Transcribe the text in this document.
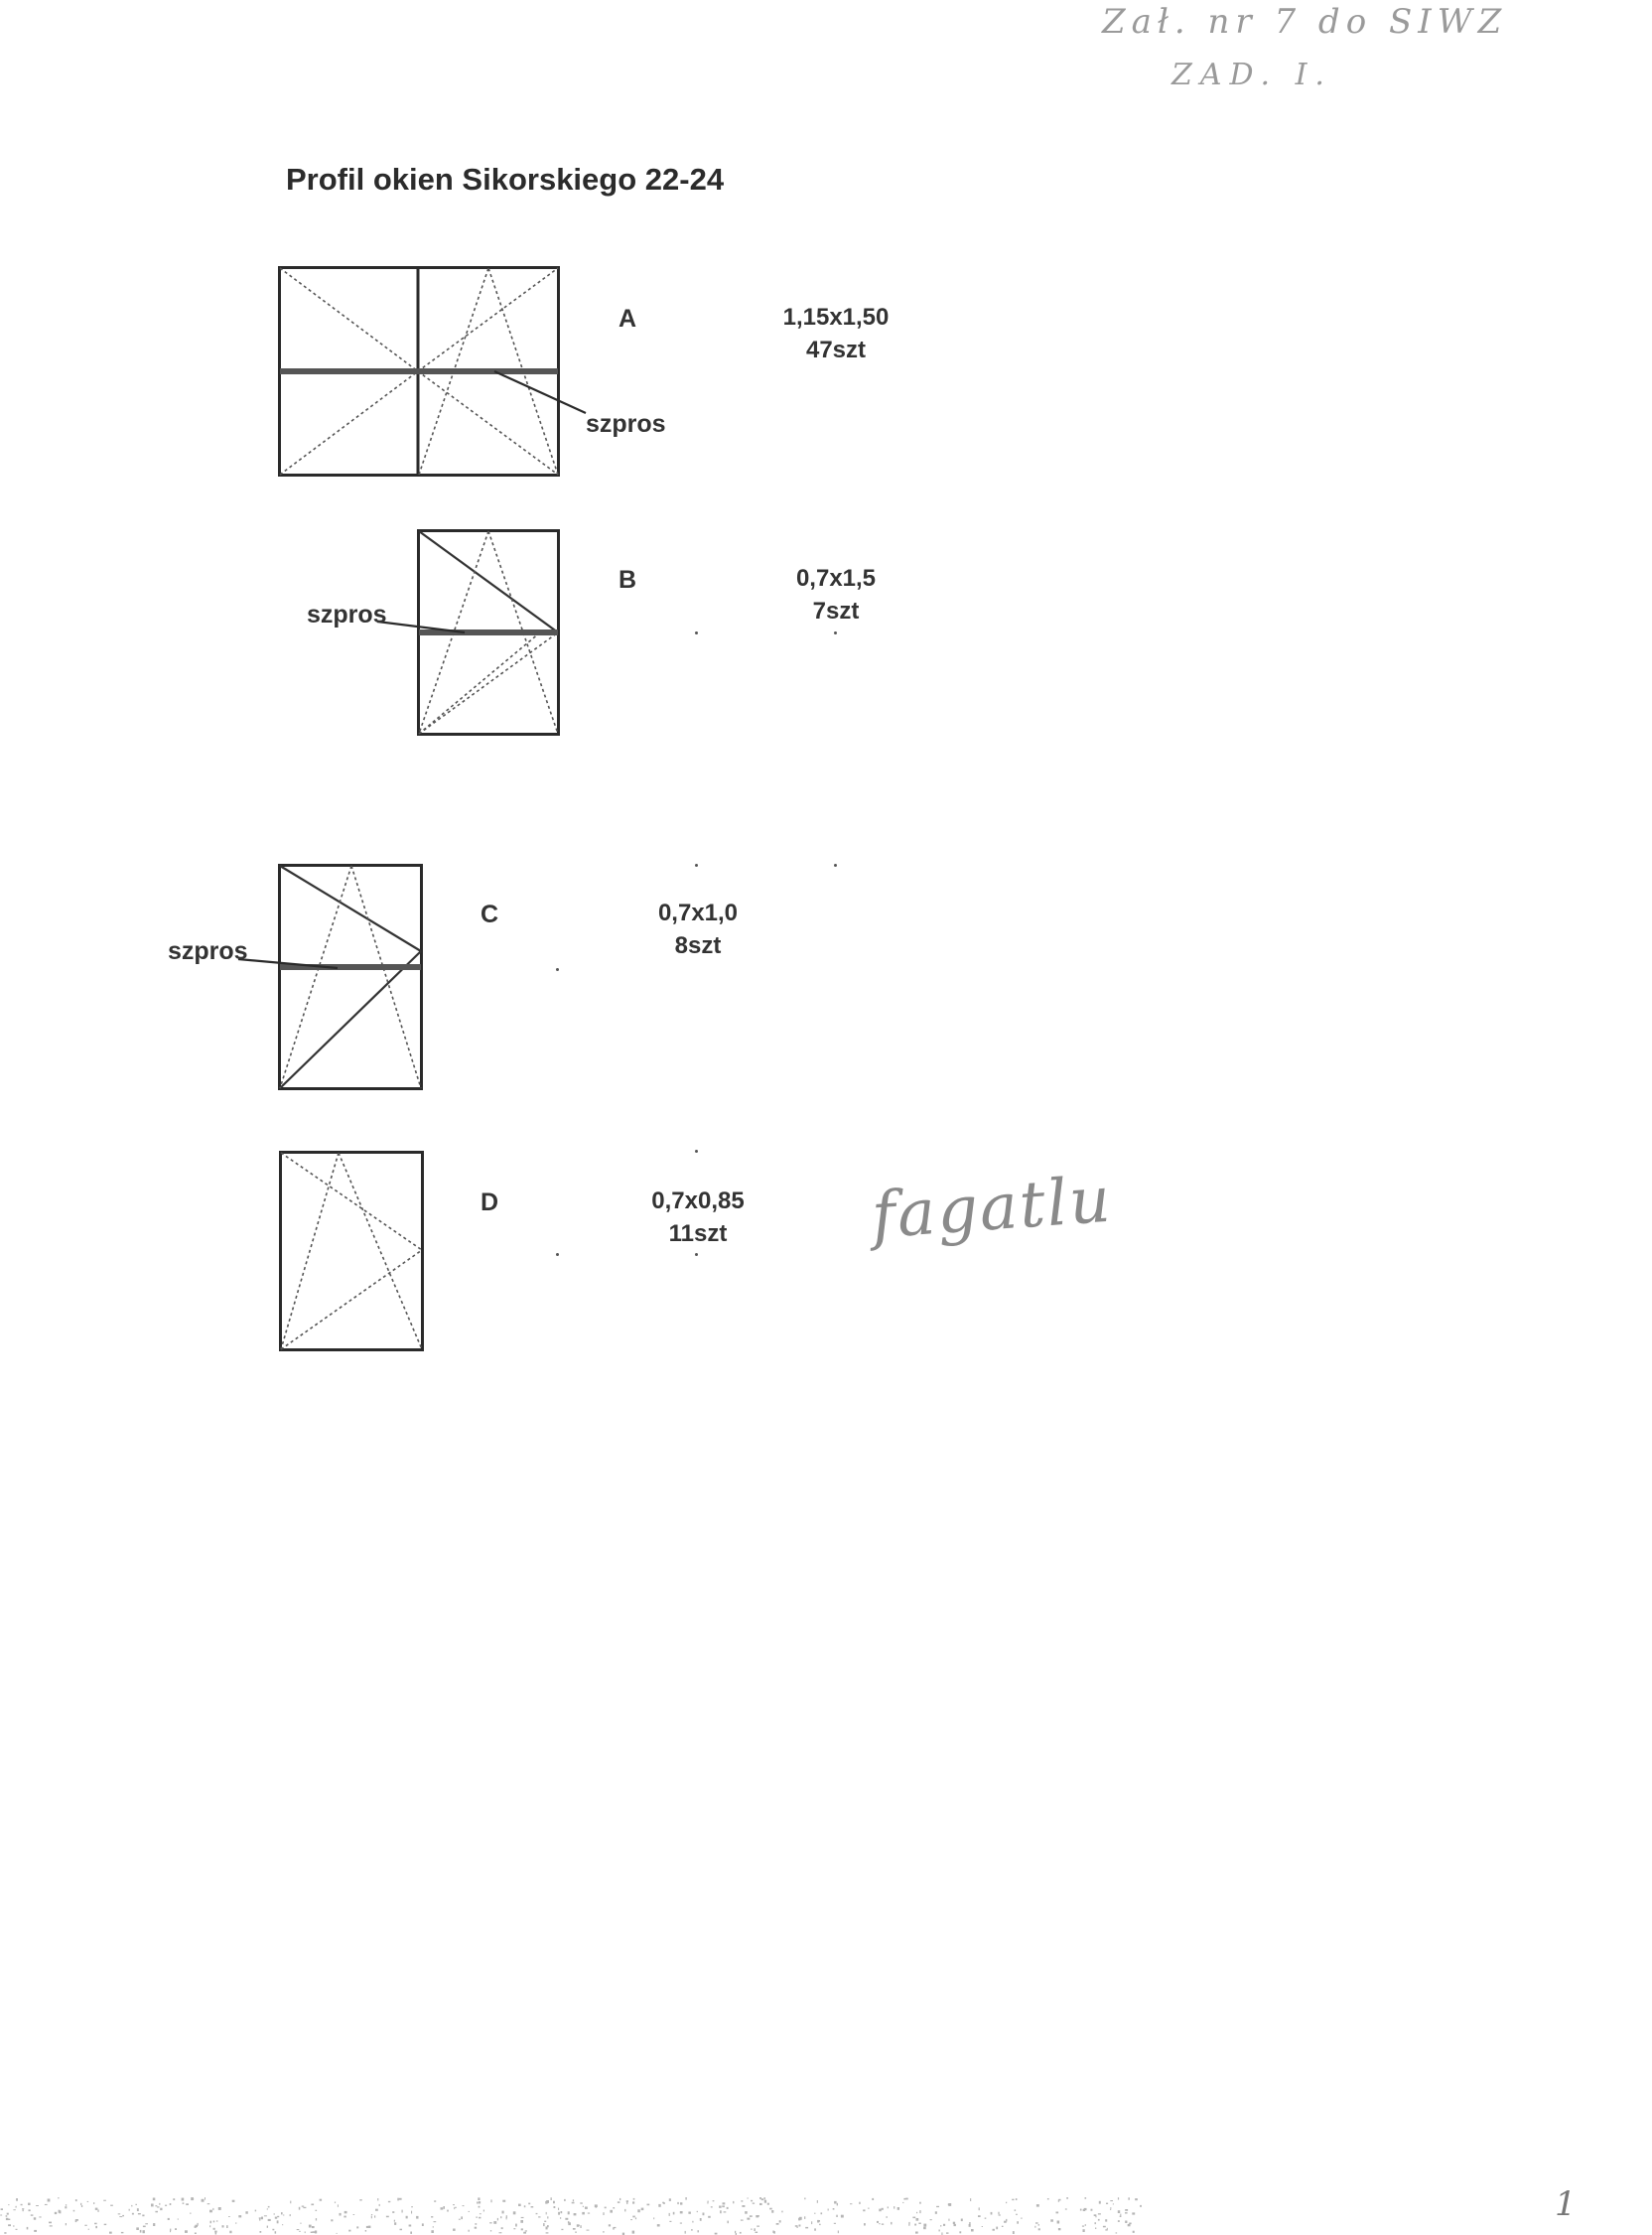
Zał. nr 7 do SIWZ
ZAD. I.
Profil okien Sikorskiego 22-24
szpros
A	1,15x1,50
47szt
szpros
B	0,7x1,5
7szt
szpros
C	0,7x1,0
8szt
D	0,7x0,85
11szt	fagatlu
1
